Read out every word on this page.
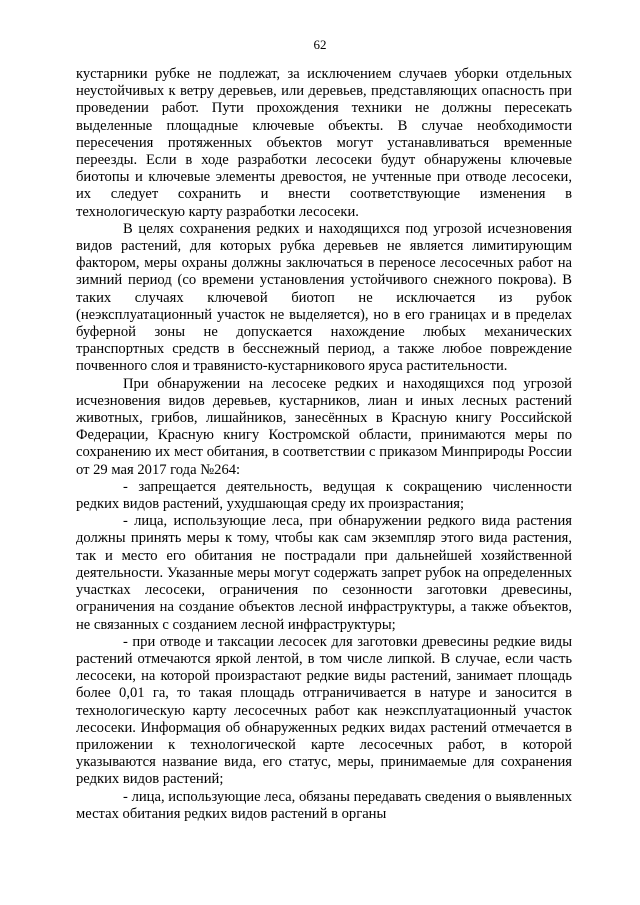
62

кустарники рубке не подлежат, за исключением случаев уборки отдельных неустойчивых к ветру деревьев, или деревьев, представляющих опасность при проведении работ. Пути прохождения техники не должны пересекать выделенные площадные ключевые объекты. В случае необходимости пересечения протяженных объектов могут устанавливаться временные переезды. Если в ходе разработки лесосеки будут обнаружены ключевые биотопы и ключевые элементы древостоя, не учтенные при отводе лесосеки, их следует сохранить и внести соответствующие изменения в технологическую карту разработки лесосеки.

В целях сохранения редких и находящихся под угрозой исчезновения видов растений, для которых рубка деревьев не является лимитирующим фактором, меры охраны должны заключаться в переносе лесосечных работ на зимний период (со времени установления устойчивого снежного покрова). В таких случаях ключевой биотоп не исключается из рубок (неэксплуатационный участок не выделяется), но в его границах и в пределах буферной зоны не допускается нахождение любых механических транспортных средств в бесснежный период, а также любое повреждение почвенного слоя и травянисто-кустарникового яруса растительности.

При обнаружении на лесосеке редких и находящихся под угрозой исчезновения видов деревьев, кустарников, лиан и иных лесных растений животных, грибов, лишайников, занесённых в Красную книгу Российской Федерации, Красную книгу Костромской области, принимаются меры по сохранению их мест обитания, в соответствии с приказом Минприроды России от 29 мая 2017 года №264:

- запрещается деятельность, ведущая к сокращению численности редких видов растений, ухудшающая среду их произрастания;

- лица, использующие леса, при обнаружении редкого вида растения должны принять меры к тому, чтобы как сам экземпляр этого вида растения, так и место его обитания не пострадали при дальнейшей хозяйственной деятельности. Указанные меры могут содержать запрет рубок на определенных участках лесосеки, ограничения по сезонности заготовки древесины, ограничения на создание объектов лесной инфраструктуры, а также объектов, не связанных с созданием лесной инфраструктуры;

- при отводе и таксации лесосек для заготовки древесины редкие виды растений отмечаются яркой лентой, в том числе липкой. В случае, если часть лесосеки, на которой произрастают редкие виды растений, занимает площадь более 0,01 га, то такая площадь отграничивается в натуре и заносится в технологическую карту лесосечных работ как неэксплуатационный участок лесосеки. Информация об обнаруженных редких видах растений отмечается в приложении к технологической карте лесосечных работ, в которой указываются название вида, его статус, меры, принимаемые для сохранения редких видов растений;

- лица, использующие леса, обязаны передавать сведения о выявленных местах обитания редких видов растений в органы
